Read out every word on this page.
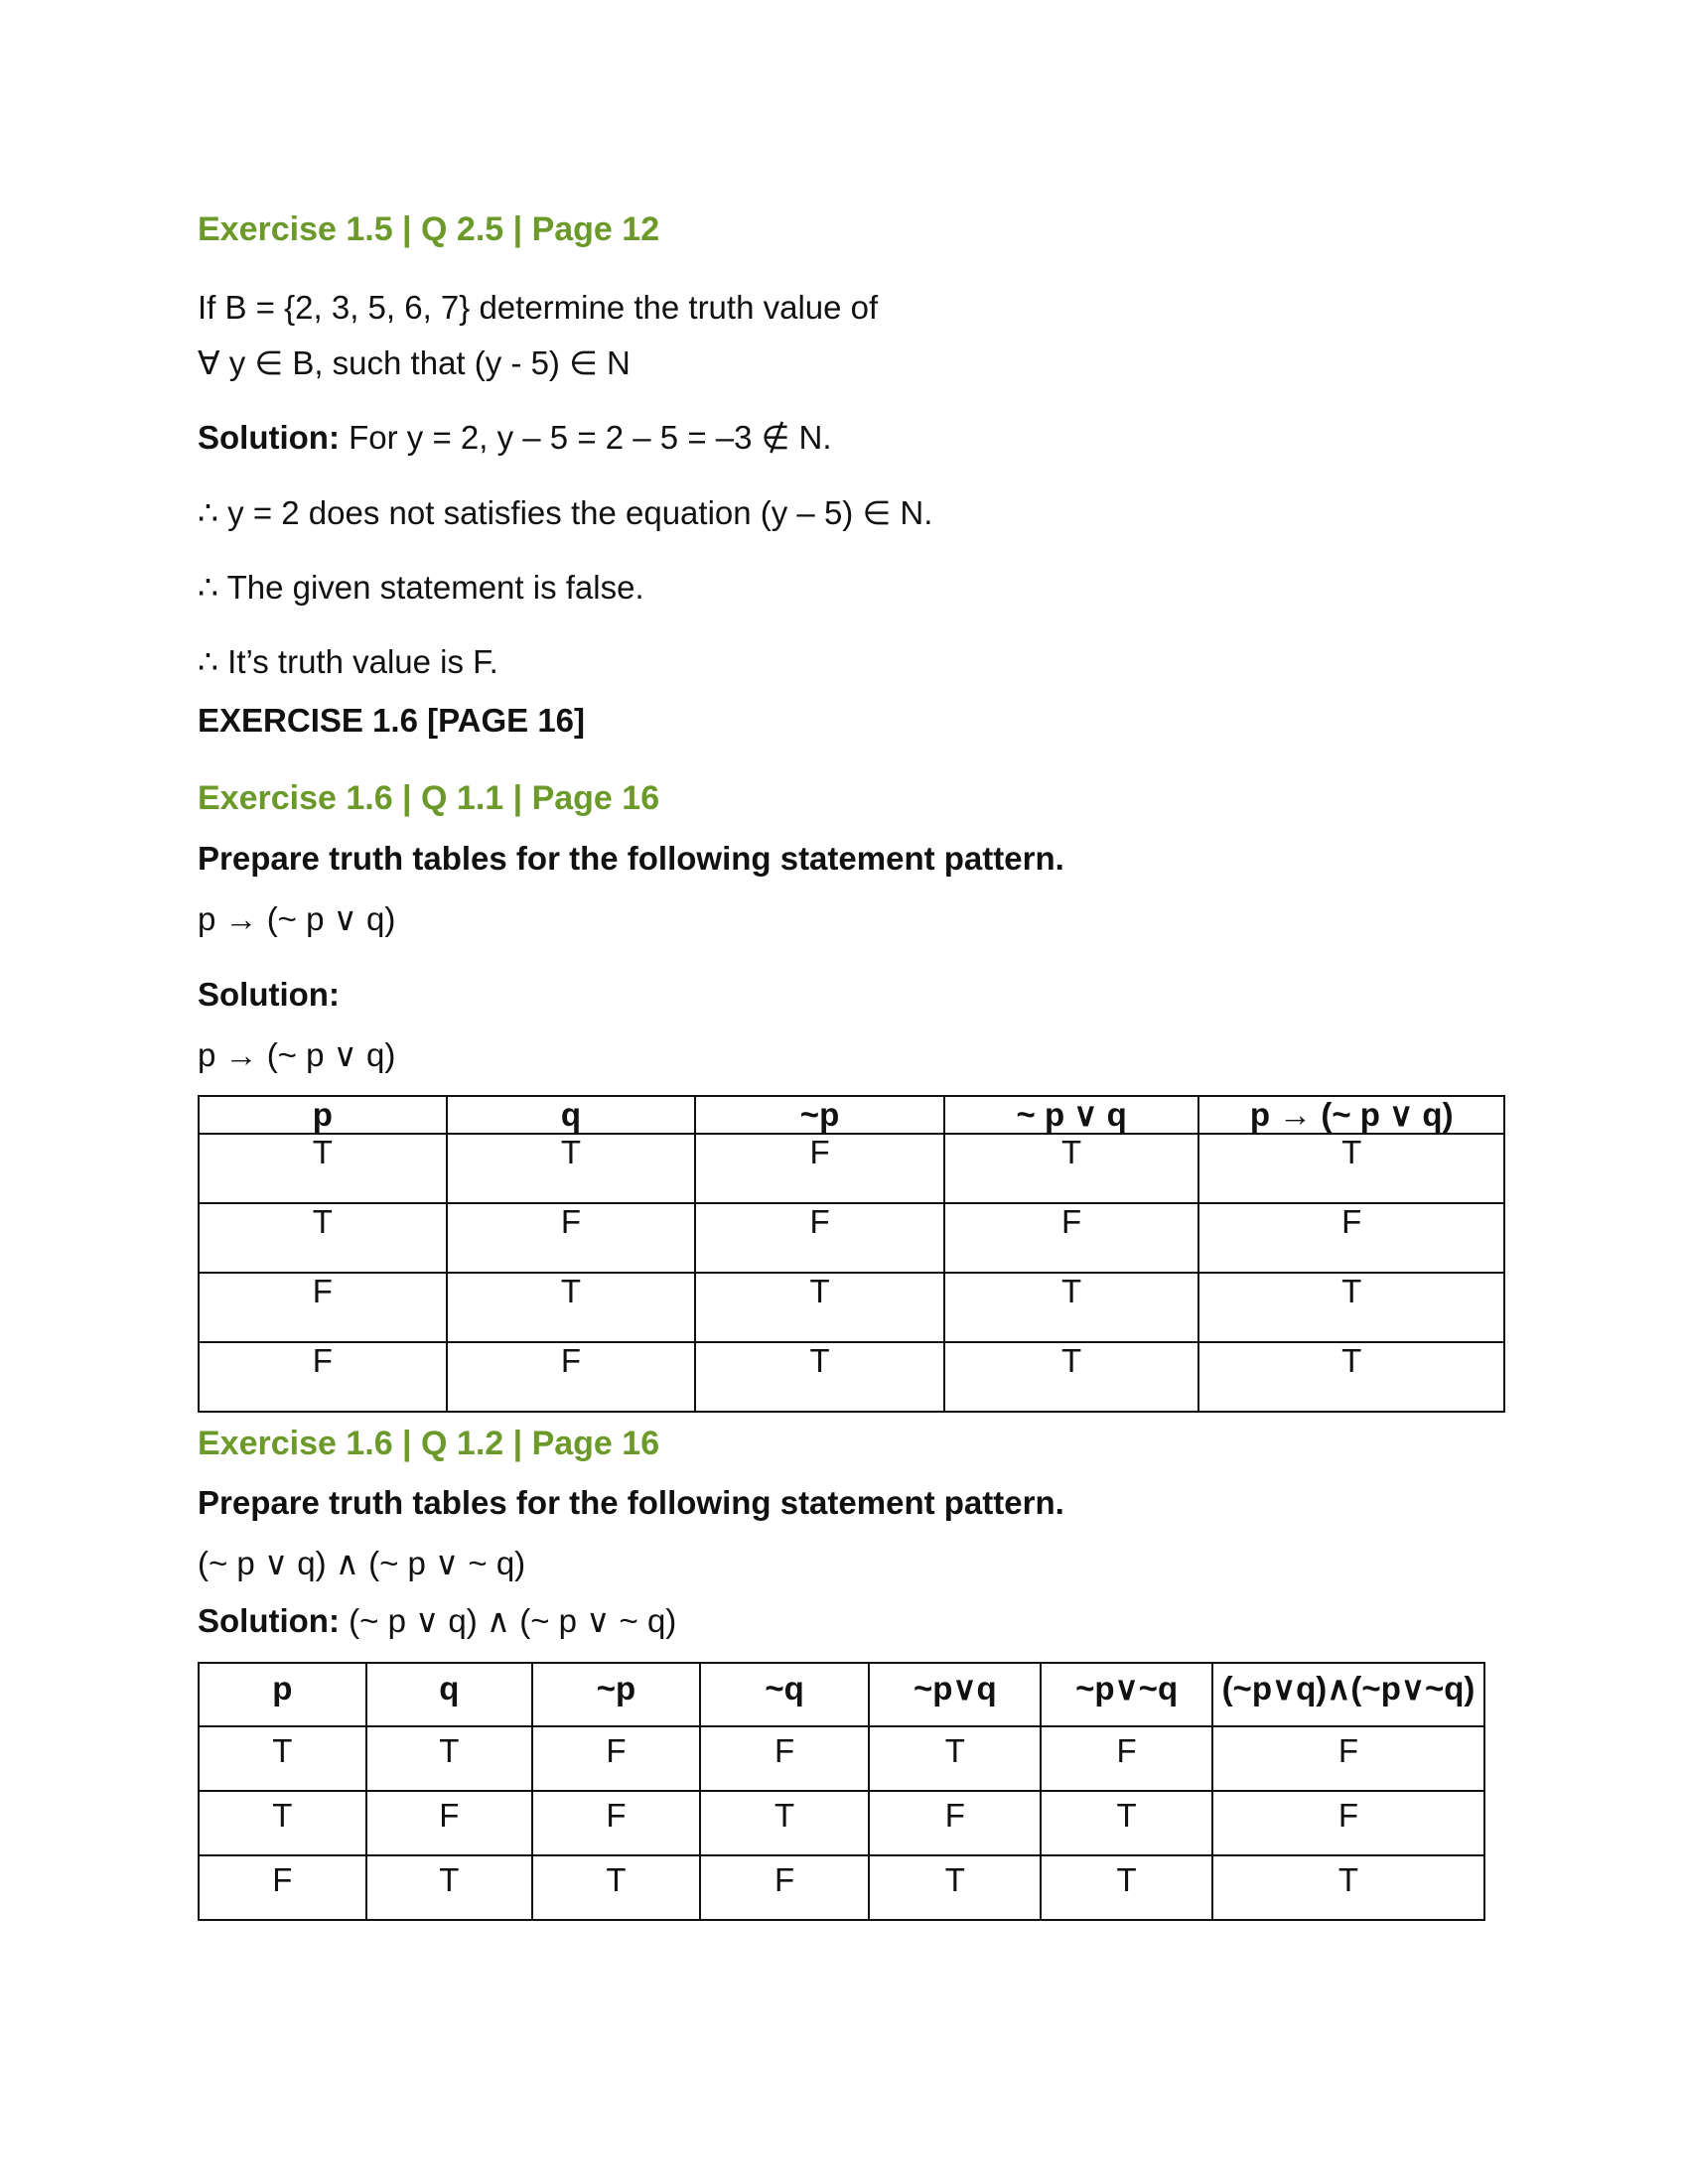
Exercise 1.5 | Q 2.5 | Page 12

If B = {2, 3, 5, 6, 7} determine the truth value of

∀ y ∈ B, such that (y - 5) ∈ N

Solution: For y = 2, y – 5 = 2 – 5 = –3 ∉ N.

∴ y = 2 does not satisfies the equation (y – 5) ∈ N.

∴ The given statement is false.

∴ It’s truth value is F.

EXERCISE 1.6 [PAGE 16]

Exercise 1.6 | Q 1.1 | Page 16

Prepare truth tables for the following statement pattern.

p → (~ p ∨ q)

Solution:

p → (~ p ∨ q)

p	q	~p	~ p ∨ q	p → (~ p ∨ q)
T	T	F	T	T
T	F	F	F	F
F	T	T	T	T
F	F	T	T	T

Exercise 1.6 | Q 1.2 | Page 16

Prepare truth tables for the following statement pattern.

(~ p ∨ q) ∧ (~ p ∨ ~ q)

Solution: (~ p ∨ q) ∧ (~ p ∨ ~ q)

p	q	~p	~q	~p∨q	~p∨~q	(~p∨q)∧(~p∨~q)
T	T	F	F	T	F	F
T	F	F	T	F	T	F
F	T	T	F	T	T	T
